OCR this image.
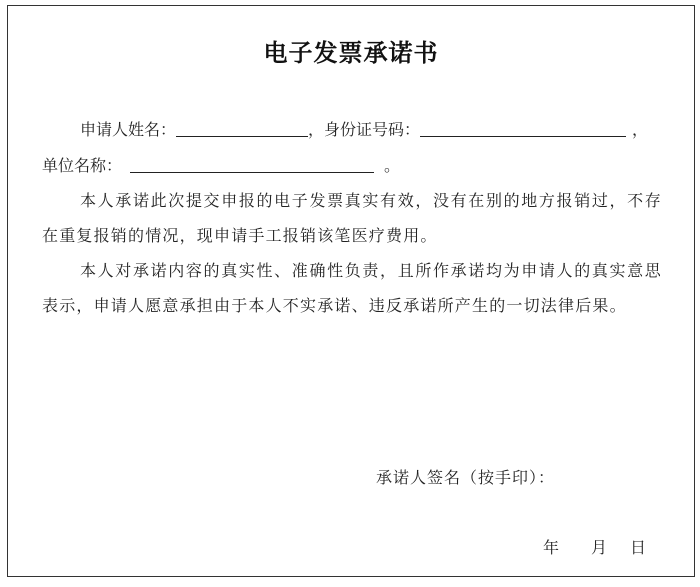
电子发票承诺书
申请人姓名：	，身份证号码：	，
单位名称：	。
本人承诺此次提交申报的电子发票真实有效，没有在别的地方报销过，不存在重复报销的情况，现申请手工报销该笔医疗费用。
本人对承诺内容的真实性、准确性负责，且所作承诺均为申请人的真实意思表示，申请人愿意承担由于本人不实承诺、违反承诺所产生的一切法律后果。
承诺人签名（按手印）：
年 月 日
